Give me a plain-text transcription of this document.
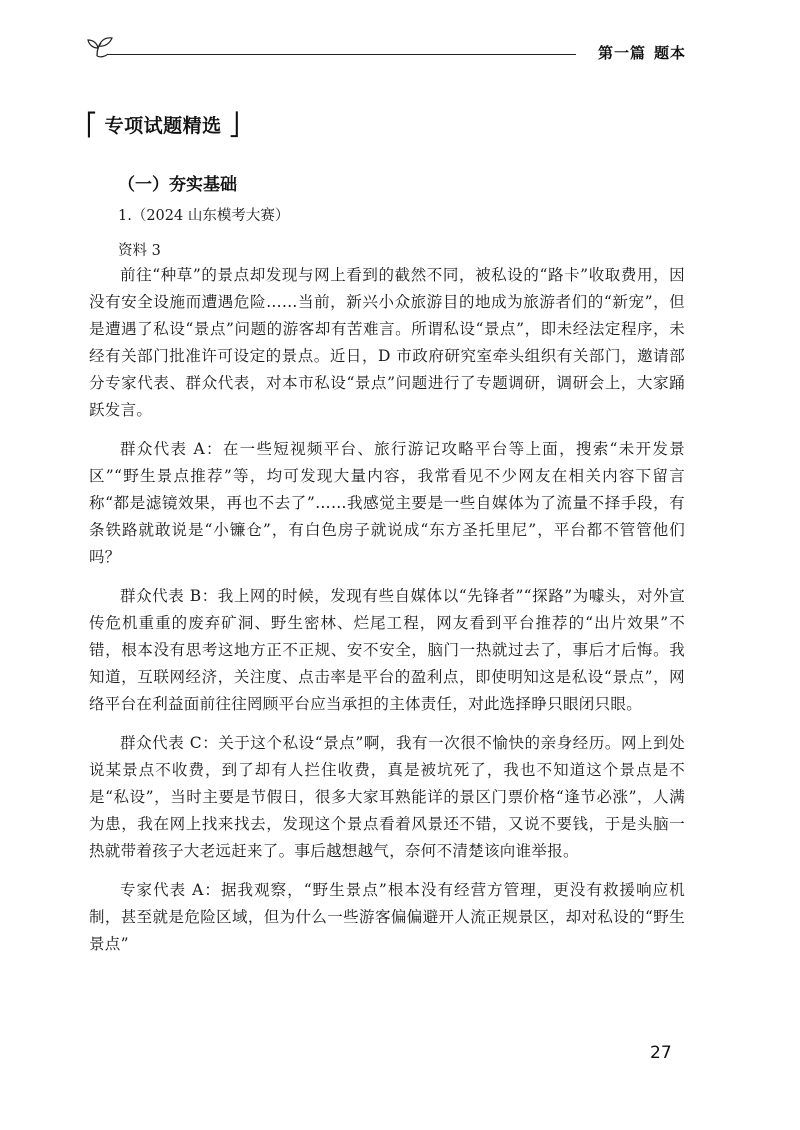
第一篇 题本
⎡ 专项试题精选 ⎦
（一）夯实基础
1.（2024 山东模考大赛）
资料 3

前往“种草”的景点却发现与网上看到的截然不同，被私设的“路卡”收取费用，因没有安全设施而遭遇危险……当前，新兴小众旅游目的地成为旅游者们的“新宠”，但是遭遇了私设“景点”问题的游客却有苦难言。所谓私设“景点”，即未经法定程序，未经有关部门批准许可设定的景点。近日，D 市政府研究室牵头组织有关部门，邀请部分专家代表、群众代表，对本市私设“景点”问题进行了专题调研，调研会上，大家踊跃发言。

群众代表 A：在一些短视频平台、旅行游记攻略平台等上面，搜索“未开发景区”“野生景点推荐”等，均可发现大量内容，我常看见不少网友在相关内容下留言称“都是滤镜效果，再也不去了”……我感觉主要是一些自媒体为了流量不择手段，有条铁路就敢说是“小镰仓”，有白色房子就说成“东方圣托里尼”，平台都不管管他们吗？

群众代表 B：我上网的时候，发现有些自媒体以“先锋者”“探路”为噱头，对外宣传危机重重的废弃矿洞、野生密林、烂尾工程，网友看到平台推荐的“出片效果”不错，根本没有思考这地方正不正规、安不安全，脑门一热就过去了，事后才后悔。我知道，互联网经济，关注度、点击率是平台的盈利点，即使明知这是私设“景点”，网络平台在利益面前往往罔顾平台应当承担的主体责任，对此选择睁只眼闭只眼。

群众代表 C：关于这个私设“景点”啊，我有一次很不愉快的亲身经历。网上到处说某景点不收费，到了却有人拦住收费，真是被坑死了，我也不知道这个景点是不是“私设”，当时主要是节假日，很多大家耳熟能详的景区门票价格“逢节必涨”，人满为患，我在网上找来找去，发现这个景点看着风景还不错，又说不要钱，于是头脑一热就带着孩子大老远赶来了。事后越想越气，奈何不清楚该向谁举报。

专家代表 A：据我观察，“野生景点”根本没有经营方管理，更没有救援响应机制，甚至就是危险区域，但为什么一些游客偏偏避开人流正规景区，却对私设的“野生景点”

27
